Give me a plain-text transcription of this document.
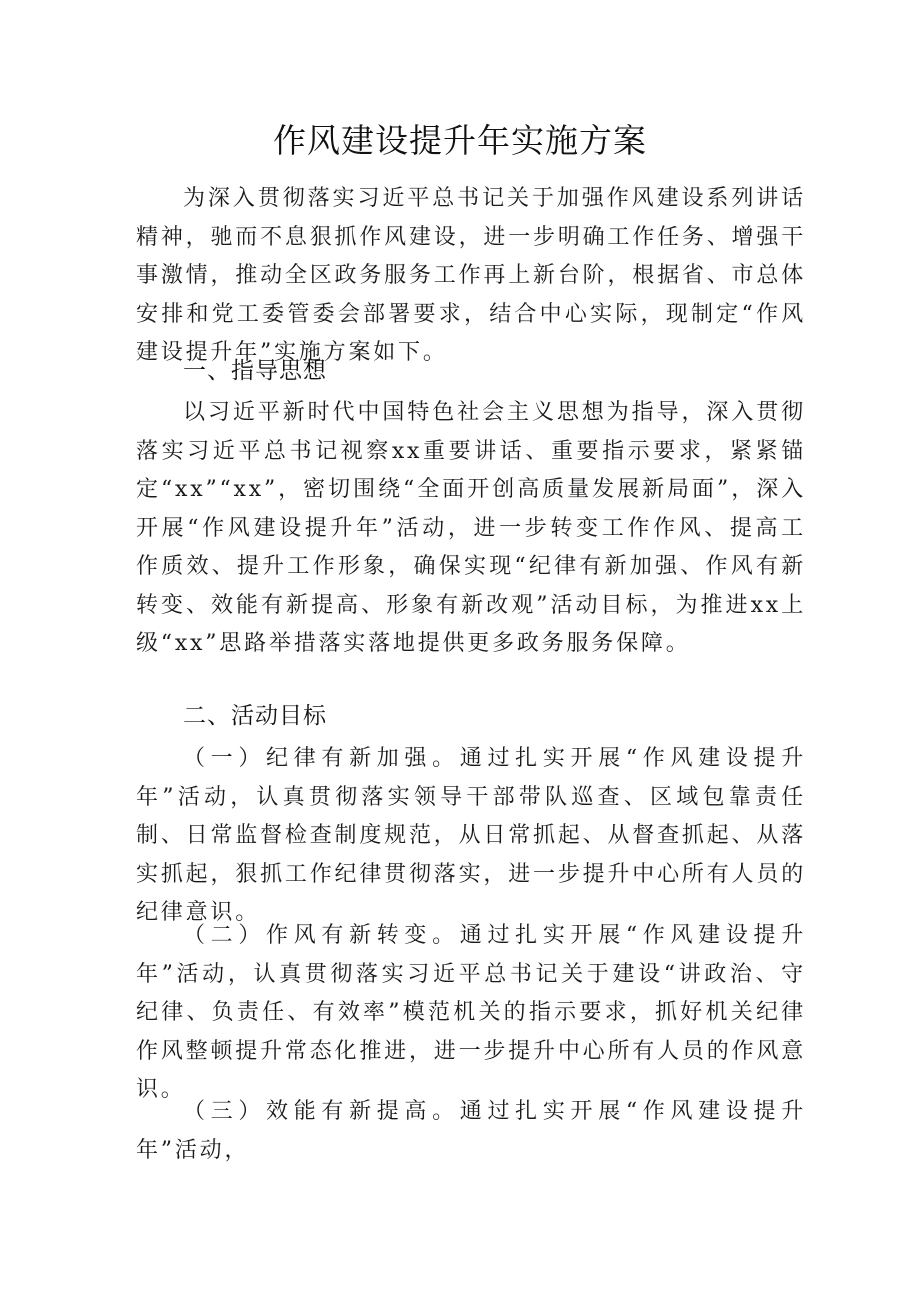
作风建设提升年实施方案

为深入贯彻落实习近平总书记关于加强作风建设系列讲话精神，驰而不息狠抓作风建设，进一步明确工作任务、增强干事激情，推动全区政务服务工作再上新台阶，根据省、市总体安排和党工委管委会部署要求，结合中心实际，现制定“作风建设提升年”实施方案如下。

一、指导思想

以习近平新时代中国特色社会主义思想为指导，深入贯彻落实习近平总书记视察xx重要讲话、重要指示要求，紧紧锚定“xx”“xx”，密切围绕“全面开创高质量发展新局面”，深入开展“作风建设提升年”活动，进一步转变工作作风、提高工作质效、提升工作形象，确保实现“纪律有新加强、作风有新转变、效能有新提高、形象有新改观”活动目标，为推进xx上级“xx”思路举措落实落地提供更多政务服务保障。

二、活动目标

（一）纪律有新加强。通过扎实开展“作风建设提升年”活动，认真贯彻落实领导干部带队巡查、区域包靠责任制、日常监督检查制度规范，从日常抓起、从督查抓起、从落实抓起，狠抓工作纪律贯彻落实，进一步提升中心所有人员的纪律意识。

（二）作风有新转变。通过扎实开展“作风建设提升年”活动，认真贯彻落实习近平总书记关于建设“讲政治、守纪律、负责任、有效率”模范机关的指示要求，抓好机关纪律作风整顿提升常态化推进，进一步提升中心所有人员的作风意识。

（三）效能有新提高。通过扎实开展“作风建设提升年”活动，
